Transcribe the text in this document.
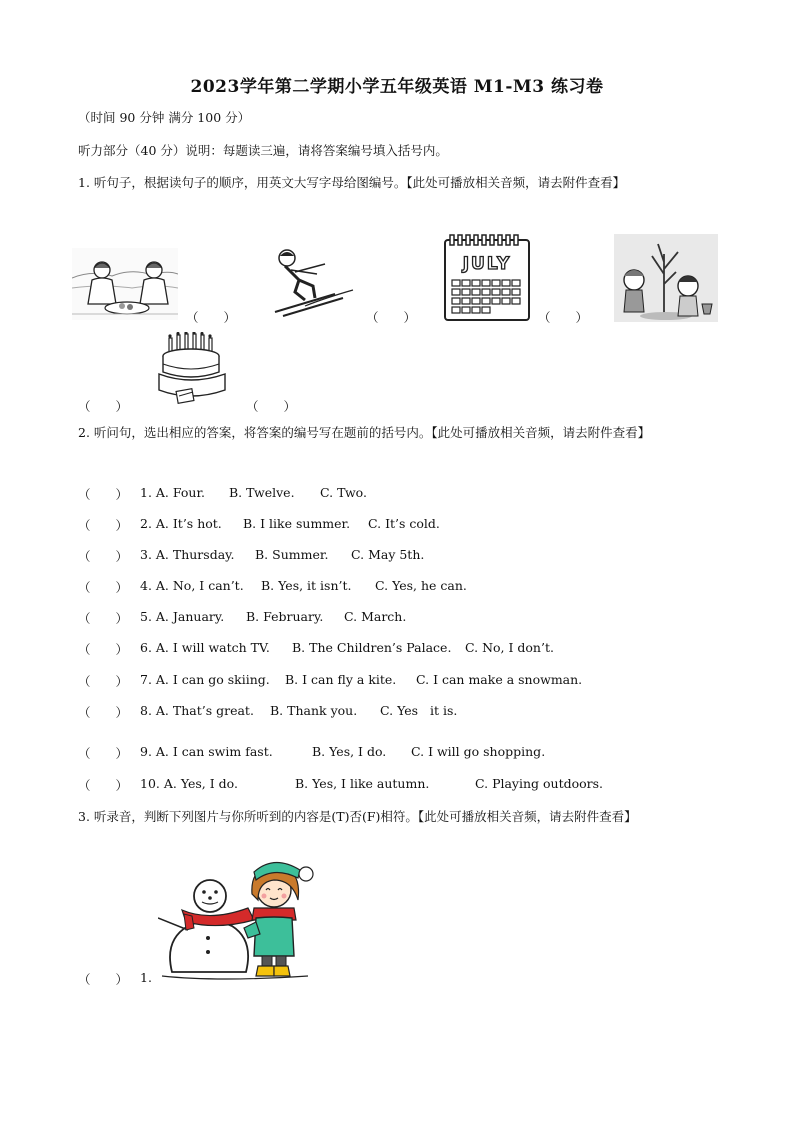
2023学年第二学期小学五年级英语 M1-M3 练习卷
（时间 90 分钟 满分 100 分）
听力部分（40 分）说明：每题读三遍，请将答案编号填入括号内。
1. 听句子，根据读句子的顺序，用英文大写字母给图编号。【此处可播放相关音频，请去附件查看】
（　　）	（　　）
JULY
（　　）
（　　）	（　　）
2. 听问句，选出相应的答案，将答案的编号写在题前的括号内。【此处可播放相关音频，请去附件查看】
（　　） 1. A. Four. B. Twelve. C. Two.
（　　） 2. A. It’s hot. B. I like summer. C. It’s cold.
（　　） 3. A. Thursday. B. Summer. C. May 5th.
（　　） 4. A. No, I can’t. B. Yes, it isn’t. C. Yes, he can.
（　　） 5. A. January. B. February. C. March.
（　　） 6. A. I will watch TV. B. The Children’s Palace. C. No, I don’t.
（　　） 7. A. I can go skiing. B. I can fly a kite. C. I can make a snowman.
（　　） 8. A. That’s great. B. Thank you. C. Yes   it is.
（　　） 9. A. I can swim fast.	B. Yes, I do. C. I will go shopping.
（　　） 10. A. Yes, I do.	B. Yes, I like autumn.	C. Playing outdoors.
3. 听录音，判断下列图片与你所听到的内容是(T)否(F)相符。【此处可播放相关音频，请去附件查看】
（　　） 1.
